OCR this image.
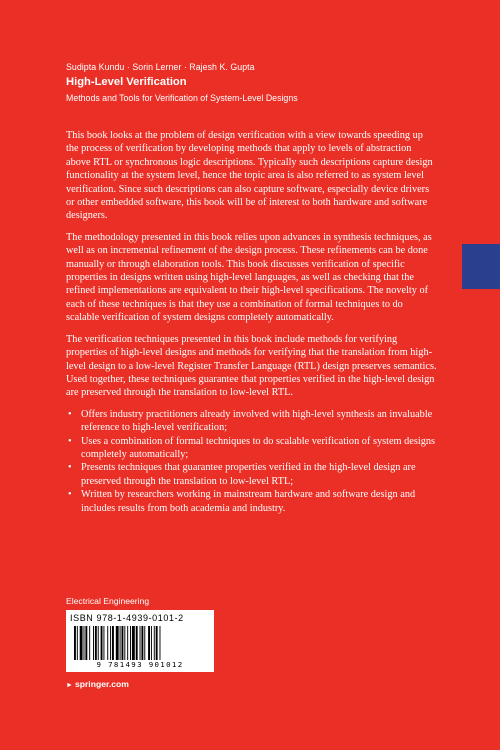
Sudipta Kundu · Sorin Lerner · Rajesh K. Gupta
High-Level Verification
Methods and Tools for Verification of System-Level Designs

This book looks at the problem of design verification with a view towards speeding up the process of verification by developing methods that apply to levels of abstraction above RTL or synchronous logic descriptions. Typically such descriptions capture design functionality at the system level, hence the topic area is also referred to as system level verification. Since such descriptions can also capture software, especially device drivers or other embedded software, this book will be of interest to both hardware and software designers.

The methodology presented in this book relies upon advances in synthesis techniques, as well as on incremental refinement of the design process. These refinements can be done manually or through elaboration tools. This book discusses verification of specific properties in designs written using high-level languages, as well as checking that the refined implementations are equivalent to their high-level specifications. The novelty of each of these techniques is that they use a combination of formal techniques to do scalable verification of system designs completely automatically.

The verification techniques presented in this book include methods for verifying properties of high-level designs and methods for verifying that the translation from high-level design to a low-level Register Transfer Language (RTL) design preserves semantics. Used together, these techniques guarantee that properties verified in the high-level design are preserved through the translation to low-level RTL.

• Offers industry practitioners already involved with high-level synthesis an invaluable reference to high-level verification;
• Uses a combination of formal techniques to do scalable verification of system designs completely automatically;
• Presents techniques that guarantee properties verified in the high-level design are preserved through the translation to low-level RTL;
• Written by researchers working in mainstream hardware and software design and includes results from both academia and industry.
Electrical Engineering
ISBN 978-1-4939-0101-2
9 781493 901012
► springer.com
